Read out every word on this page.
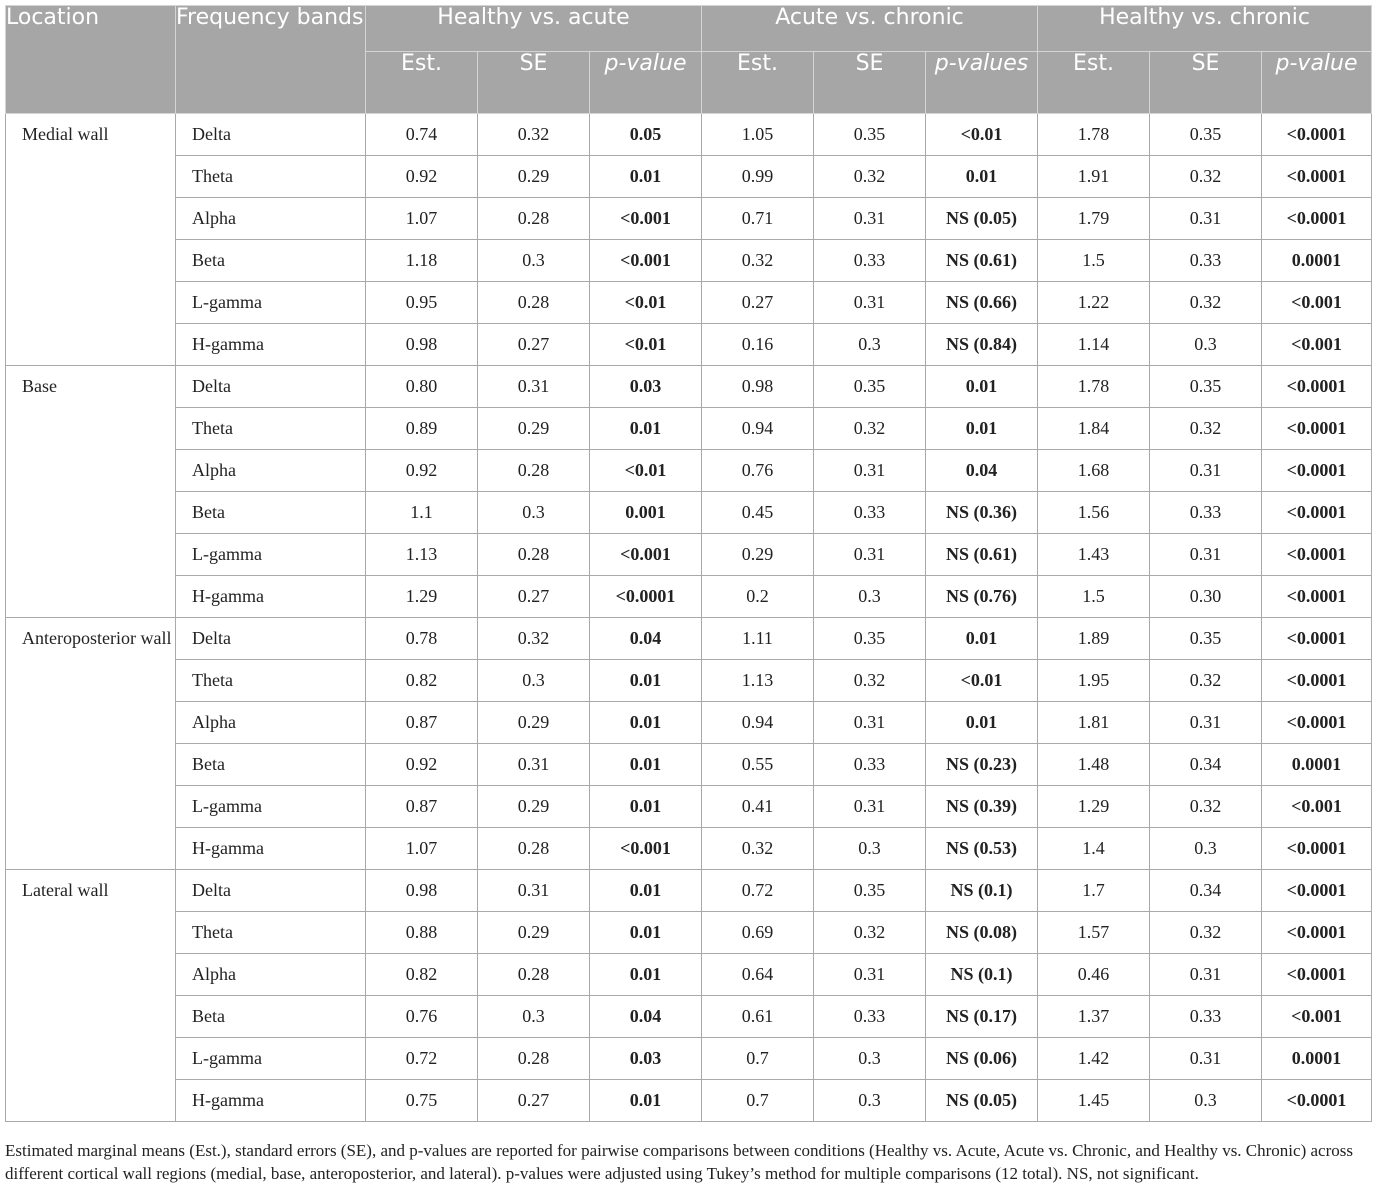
Location	Frequency bands	Healthy vs. acute			Acute vs. chronic			Healthy vs. chronic		
		Est.	SE	p-value	Est.	SE	p-values	Est.	SE	p-value
Medial wall	Delta	0.74	0.32	0.05	1.05	0.35	<0.01	1.78	0.35	<0.0001
	Theta	0.92	0.29	0.01	0.99	0.32	0.01	1.91	0.32	<0.0001
	Alpha	1.07	0.28	<0.001	0.71	0.31	NS (0.05)	1.79	0.31	<0.0001
	Beta	1.18	0.3	<0.001	0.32	0.33	NS (0.61)	1.5	0.33	0.0001
	L-gamma	0.95	0.28	<0.01	0.27	0.31	NS (0.66)	1.22	0.32	<0.001
	H-gamma	0.98	0.27	<0.01	0.16	0.3	NS (0.84)	1.14	0.3	<0.001
Base	Delta	0.80	0.31	0.03	0.98	0.35	0.01	1.78	0.35	<0.0001
	Theta	0.89	0.29	0.01	0.94	0.32	0.01	1.84	0.32	<0.0001
	Alpha	0.92	0.28	<0.01	0.76	0.31	0.04	1.68	0.31	<0.0001
	Beta	1.1	0.3	0.001	0.45	0.33	NS (0.36)	1.56	0.33	<0.0001
	L-gamma	1.13	0.28	<0.001	0.29	0.31	NS (0.61)	1.43	0.31	<0.0001
	H-gamma	1.29	0.27	<0.0001	0.2	0.3	NS (0.76)	1.5	0.30	<0.0001
Anteroposterior wall	Delta	0.78	0.32	0.04	1.11	0.35	0.01	1.89	0.35	<0.0001
	Theta	0.82	0.3	0.01	1.13	0.32	<0.01	1.95	0.32	<0.0001
	Alpha	0.87	0.29	0.01	0.94	0.31	0.01	1.81	0.31	<0.0001
	Beta	0.92	0.31	0.01	0.55	0.33	NS (0.23)	1.48	0.34	0.0001
	L-gamma	0.87	0.29	0.01	0.41	0.31	NS (0.39)	1.29	0.32	<0.001
	H-gamma	1.07	0.28	<0.001	0.32	0.3	NS (0.53)	1.4	0.3	<0.0001
Lateral wall	Delta	0.98	0.31	0.01	0.72	0.35	NS (0.1)	1.7	0.34	<0.0001
	Theta	0.88	0.29	0.01	0.69	0.32	NS (0.08)	1.57	0.32	<0.0001
	Alpha	0.82	0.28	0.01	0.64	0.31	NS (0.1)	0.46	0.31	<0.0001
	Beta	0.76	0.3	0.04	0.61	0.33	NS (0.17)	1.37	0.33	<0.001
	L-gamma	0.72	0.28	0.03	0.7	0.3	NS (0.06)	1.42	0.31	0.0001
	H-gamma	0.75	0.27	0.01	0.7	0.3	NS (0.05)	1.45	0.3	<0.0001
Estimated marginal means (Est.), standard errors (SE), and p-values are reported for pairwise comparisons between conditions (Healthy vs. Acute, Acute vs. Chronic, and Healthy vs. Chronic) across different cortical wall regions (medial, base, anteroposterior, and lateral). p-values were adjusted using Tukey’s method for multiple comparisons (12 total). NS, not significant.
